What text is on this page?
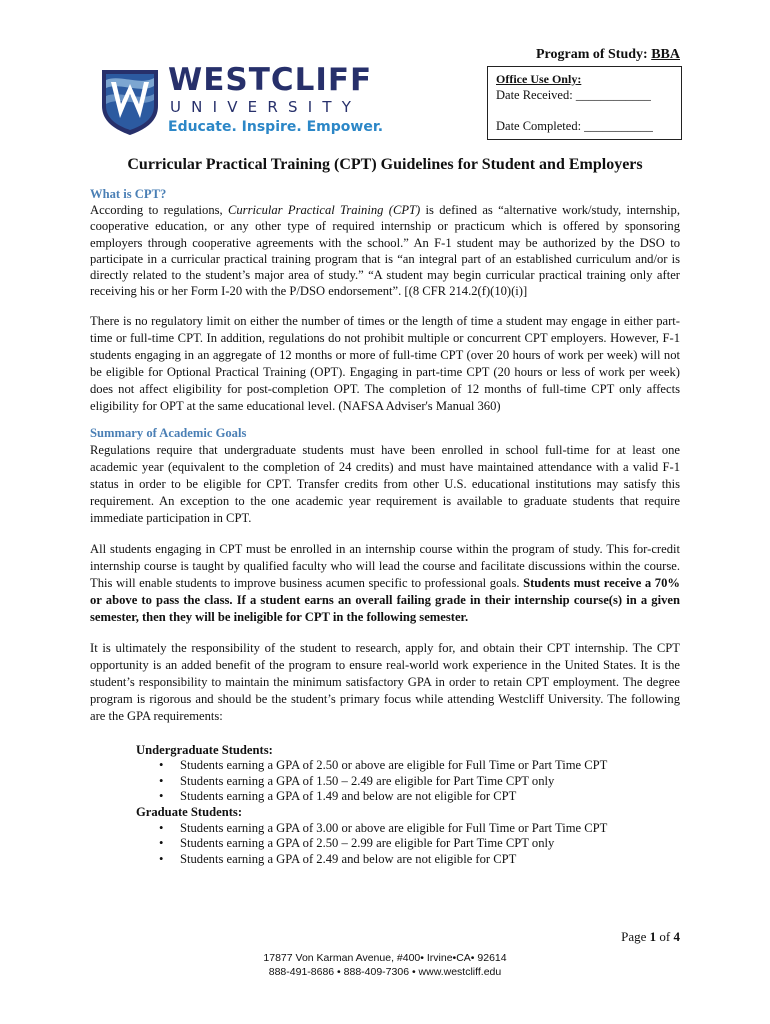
Program of Study: BBA
Office Use Only:
Date Received: ____________
Date Completed: ___________
WESTCLIFF
UNIVERSITY
Educate. Inspire. Empower.
Curricular Practical Training (CPT) Guidelines for Student and Employers
What is CPT?

According to regulations, Curricular Practical Training (CPT) is defined as “alternative work/study, internship, cooperative education, or any other type of required internship or practicum which is offered by sponsoring employers through cooperative agreements with the school.” An F-1 student may be authorized by the DSO to participate in a curricular practical training program that is “an integral part of an established curriculum and/or is directly related to the student’s major area of study.” “A student may begin curricular practical training only after receiving his or her Form I-20 with the P/DSO endorsement”. [(8 CFR 214.2(f)(10)(i)]

There is no regulatory limit on either the number of times or the length of time a student may engage in either part-time or full-time CPT. In addition, regulations do not prohibit multiple or concurrent CPT employers. However, F-1 students engaging in an aggregate of 12 months or more of full-time CPT (over 20 hours of work per week) will not be eligible for Optional Practical Training (OPT). Engaging in part-time CPT (20 hours or less of work per week) does not affect eligibility for post-completion OPT. The completion of 12 months of full-time CPT only affects eligibility for OPT at the same educational level. (NAFSA Adviser's Manual 360)

Summary of Academic Goals

Regulations require that undergraduate students must have been enrolled in school full-time for at least one academic year (equivalent to the completion of 24 credits) and must have maintained attendance with a valid F-1 status in order to be eligible for CPT. Transfer credits from other U.S. educational institutions may satisfy this requirement. An exception to the one academic year requirement is available to graduate students that require immediate participation in CPT.

All students engaging in CPT must be enrolled in an internship course within the program of study. This for-credit internship course is taught by qualified faculty who will lead the course and facilitate discussions within the course. This will enable students to improve business acumen specific to professional goals. Students must receive a 70% or above to pass the class. If a student earns an overall failing grade in their internship course(s) in a given semester, then they will be ineligible for CPT in the following semester.

It is ultimately the responsibility of the student to research, apply for, and obtain their CPT internship. The CPT opportunity is an added benefit of the program to ensure real-world work experience in the United States. It is the student’s responsibility to maintain the minimum satisfactory GPA in order to retain CPT employment. The degree program is rigorous and should be the student’s primary focus while attending Westcliff University. The following are the GPA requirements:

Undergraduate Students:
• Students earning a GPA of 2.50 or above are eligible for Full Time or Part Time CPT
• Students earning a GPA of 1.50 – 2.49 are eligible for Part Time CPT only
• Students earning a GPA of 1.49 and below are not eligible for CPT
Graduate Students:
• Students earning a GPA of 3.00 or above are eligible for Full Time or Part Time CPT
• Students earning a GPA of 2.50 – 2.99 are eligible for Part Time CPT only
• Students earning a GPA of 2.49 and below are not eligible for CPT
Page 1 of 4
17877 Von Karman Avenue, #400• Irvine•CA• 92614
888-491-8686 • 888-409-7306 • www.westcliff.edu
